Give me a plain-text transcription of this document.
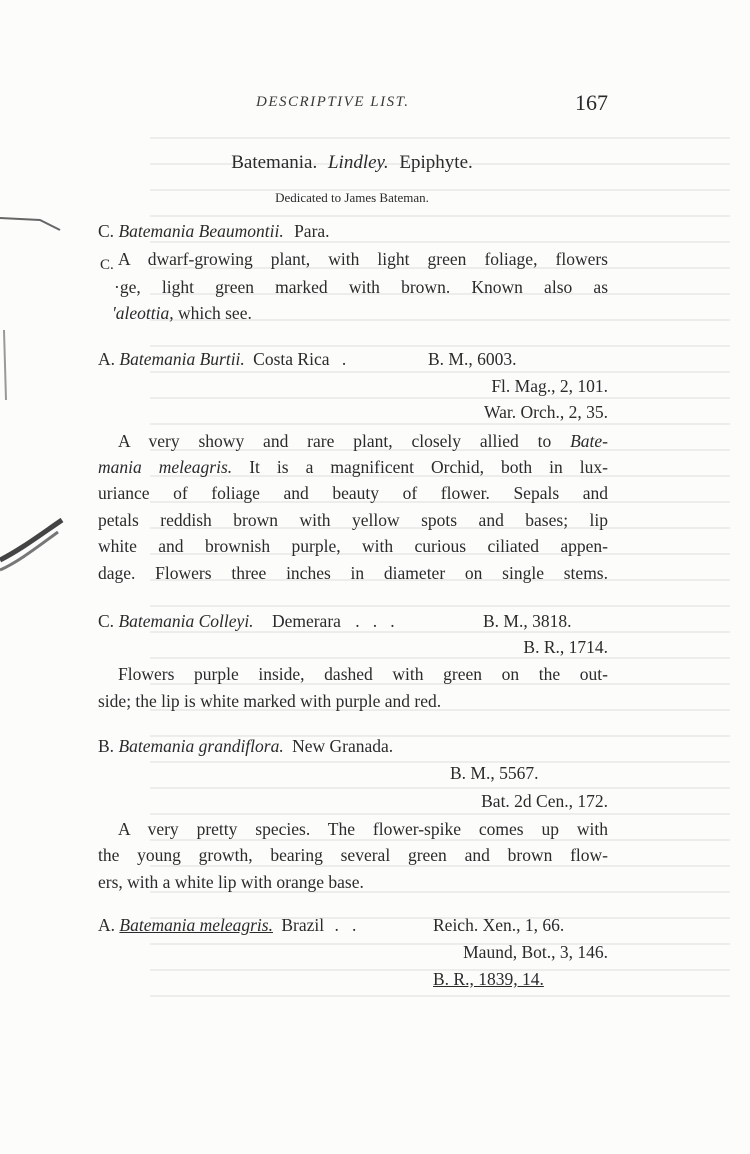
DESCRIPTIVE LIST.	167
Batemania. Lindley. Epiphyte.
Dedicated to James Bateman.
C. Batemania Beaumontii. Para.
C. A dwarf-growing plant, with light green foliage, flowers
·ge, light green marked with brown. Known also as
'aleottia, which see.
A. Batemania Burtii. Costa Rica .	B. M., 6003.
Fl. Mag., 2, 101.
War. Orch., 2, 35.
A very showy and rare plant, closely allied to Bate-
mania meleagris. It is a magnificent Orchid, both in lux-
uriance of foliage and beauty of flower. Sepals and
petals reddish brown with yellow spots and bases; lip
white and brownish purple, with curious ciliated appen-
dage. Flowers three inches in diameter on single stems.
C. Batemania Colleyi. Demerara .   .   .	B. M., 3818.
B. R., 1714.
Flowers purple inside, dashed with green on the out-
side; the lip is white marked with purple and red.
B. Batemania grandiflora. New Granada.
B. M., 5567.
Bat. 2d Cen., 172.
A very pretty species. The flower-spike comes up with
the young growth, bearing several green and brown flow-
ers, with a white lip with orange base.
A. Batemania meleagris. Brazil .   .	Reich. Xen., 1, 66.
Maund, Bot., 3, 146.
B. R., 1839, 14.
